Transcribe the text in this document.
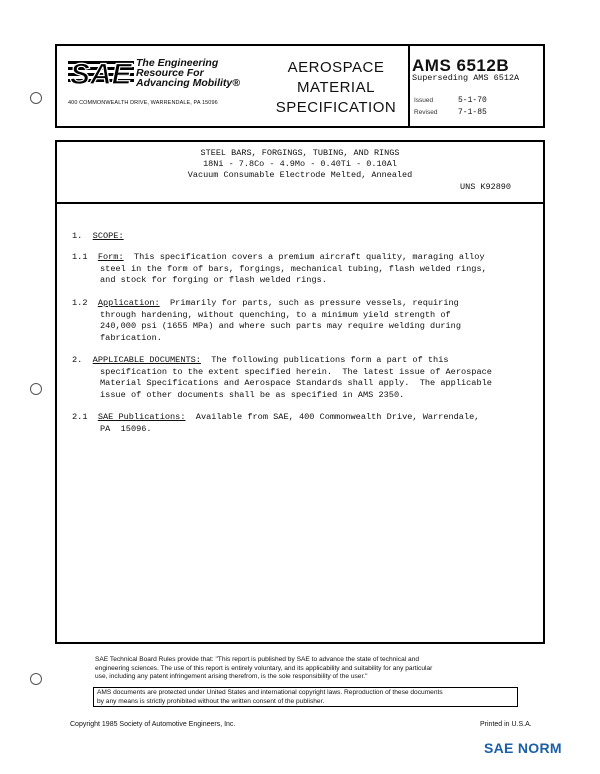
SAE The Engineering
Resource For
Advancing Mobility®
400 COMMONWEALTH DRIVE, WARRENDALE, PA 15096
AEROSPACE
MATERIAL
SPECIFICATION
AMS 6512B
Superseding AMS 6512A
Issued	5-1-70
Revised	7-1-85
STEEL BARS, FORGINGS, TUBING, AND RINGS
18Ni - 7.8Co - 4.9Mo - 0.40Ti - 0.10Al
Vacuum Consumable Electrode Melted, Annealed
UNS K92890
1. SCOPE:
1.1 Form:  This specification covers a premium aircraft quality, maraging alloy
steel in the form of bars, forgings, mechanical tubing, flash welded rings,
and stock for forging or flash welded rings.
1.2 Application:  Primarily for parts, such as pressure vessels, requiring
through hardening, without quenching, to a minimum yield strength of
240,000 psi (1655 MPa) and where such parts may require welding during
fabrication.
2. APPLICABLE DOCUMENTS:  The following publications form a part of this
specification to the extent specified herein.  The latest issue of Aerospace
Material Specifications and Aerospace Standards shall apply.  The applicable
issue of other documents shall be as specified in AMS 2350.
2.1 SAE Publications:  Available from SAE, 400 Commonwealth Drive, Warrendale,
PA  15096.
SAE Technical Board Rules provide that: "This report is published by SAE to advance the state of technical and
engineering sciences. The use of this report is entirely voluntary, and its applicability and suitability for any particular
use, including any patent infringement arising therefrom, is the sole responsibility of the user."
AMS documents are protected under United States and international copyright laws. Reproduction of these documents
by any means is strictly prohibited without the written consent of the publisher.
Copyright 1985 Society of Automotive Engineers, Inc.	Printed in U.S.A.
SAE NORM
